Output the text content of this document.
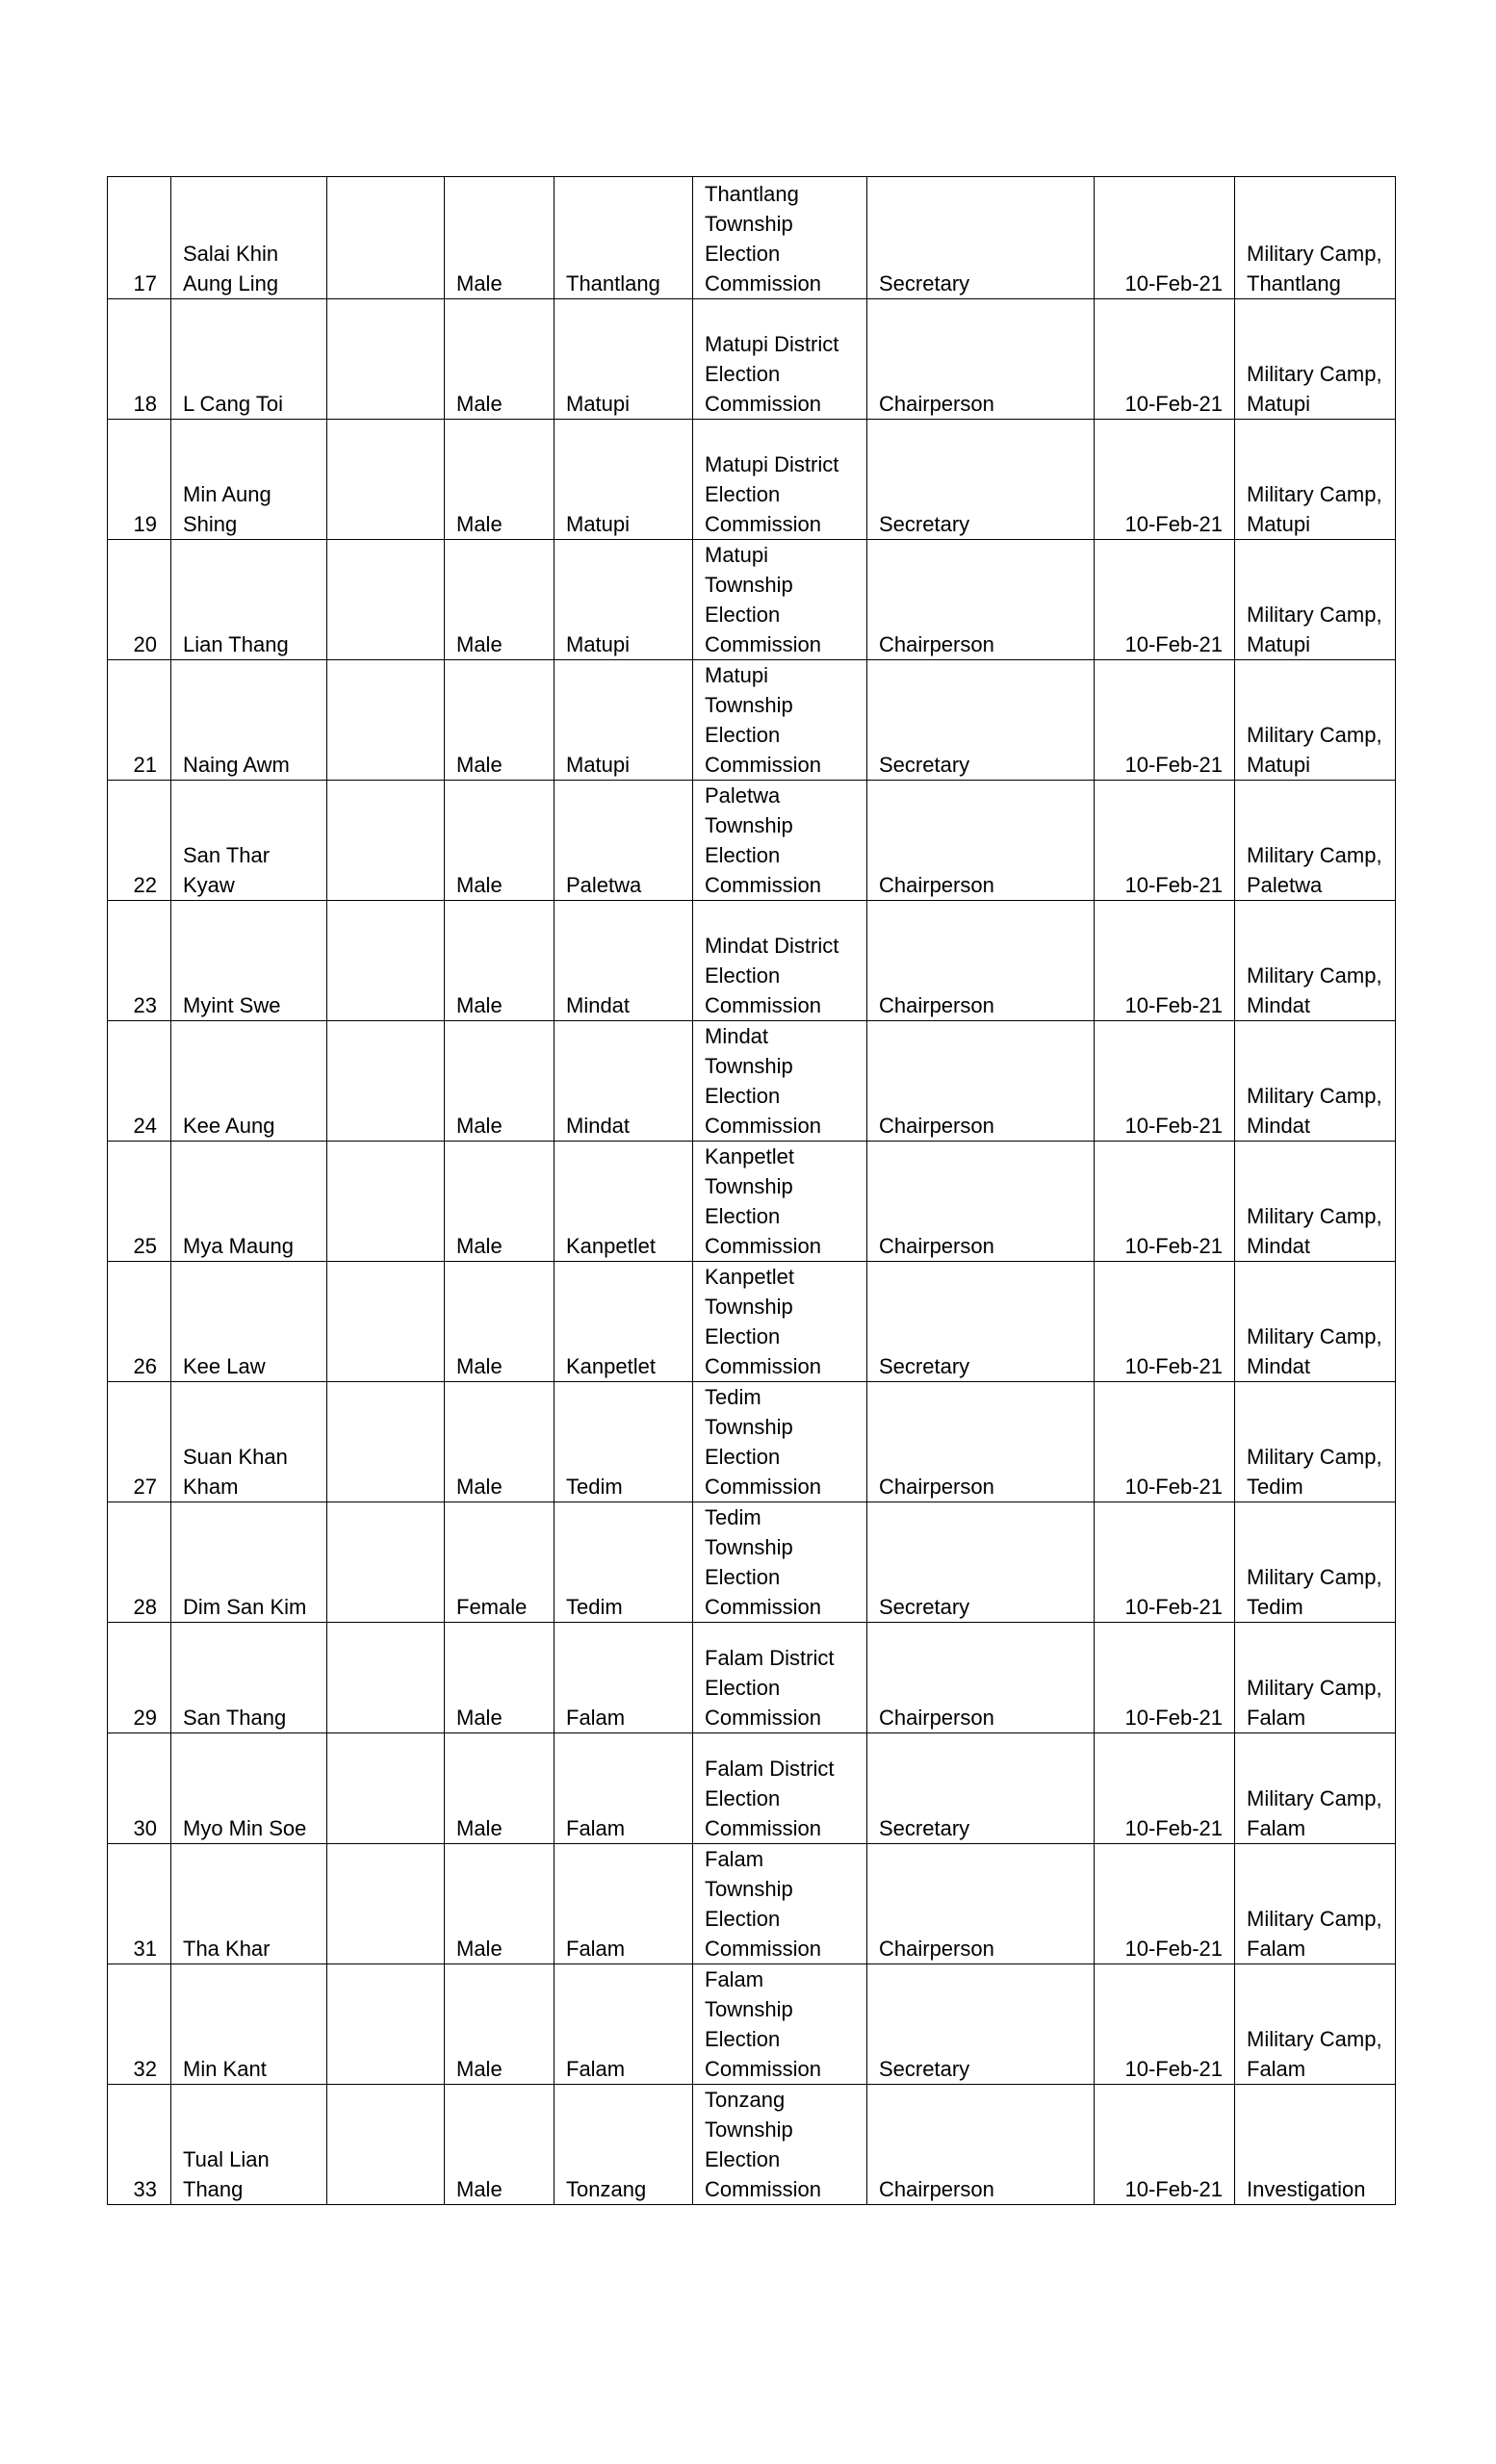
17	Salai Khin Aung Ling		Male	Thantlang	Thantlang Township Election Commission	Secretary	10-Feb-21	Military Camp, Thantlang
18	L Cang Toi		Male	Matupi	Matupi District Election Commission	Chairperson	10-Feb-21	Military Camp, Matupi
19	Min Aung Shing		Male	Matupi	Matupi District Election Commission	Secretary	10-Feb-21	Military Camp, Matupi
20	Lian Thang		Male	Matupi	Matupi Township Election Commission	Chairperson	10-Feb-21	Military Camp, Matupi
21	Naing Awm		Male	Matupi	Matupi Township Election Commission	Secretary	10-Feb-21	Military Camp, Matupi
22	San Thar Kyaw		Male	Paletwa	Paletwa Township Election Commission	Chairperson	10-Feb-21	Military Camp, Paletwa
23	Myint Swe		Male	Mindat	Mindat District Election Commission	Chairperson	10-Feb-21	Military Camp, Mindat
24	Kee Aung		Male	Mindat	Mindat Township Election Commission	Chairperson	10-Feb-21	Military Camp, Mindat
25	Mya Maung		Male	Kanpetlet	Kanpetlet Township Election Commission	Chairperson	10-Feb-21	Military Camp, Mindat
26	Kee Law		Male	Kanpetlet	Kanpetlet Township Election Commission	Secretary	10-Feb-21	Military Camp, Mindat
27	Suan Khan Kham		Male	Tedim	Tedim Township Election Commission	Chairperson	10-Feb-21	Military Camp, Tedim
28	Dim San Kim		Female	Tedim	Tedim Township Election Commission	Secretary	10-Feb-21	Military Camp, Tedim
29	San Thang		Male	Falam	Falam District Election Commission	Chairperson	10-Feb-21	Military Camp, Falam
30	Myo Min Soe		Male	Falam	Falam District Election Commission	Secretary	10-Feb-21	Military Camp, Falam
31	Tha Khar		Male	Falam	Falam Township Election Commission	Chairperson	10-Feb-21	Military Camp, Falam
32	Min Kant		Male	Falam	Falam Township Election Commission	Secretary	10-Feb-21	Military Camp, Falam
33	Tual Lian Thang		Male	Tonzang	Tonzang Township Election Commission	Chairperson	10-Feb-21	Investigation
